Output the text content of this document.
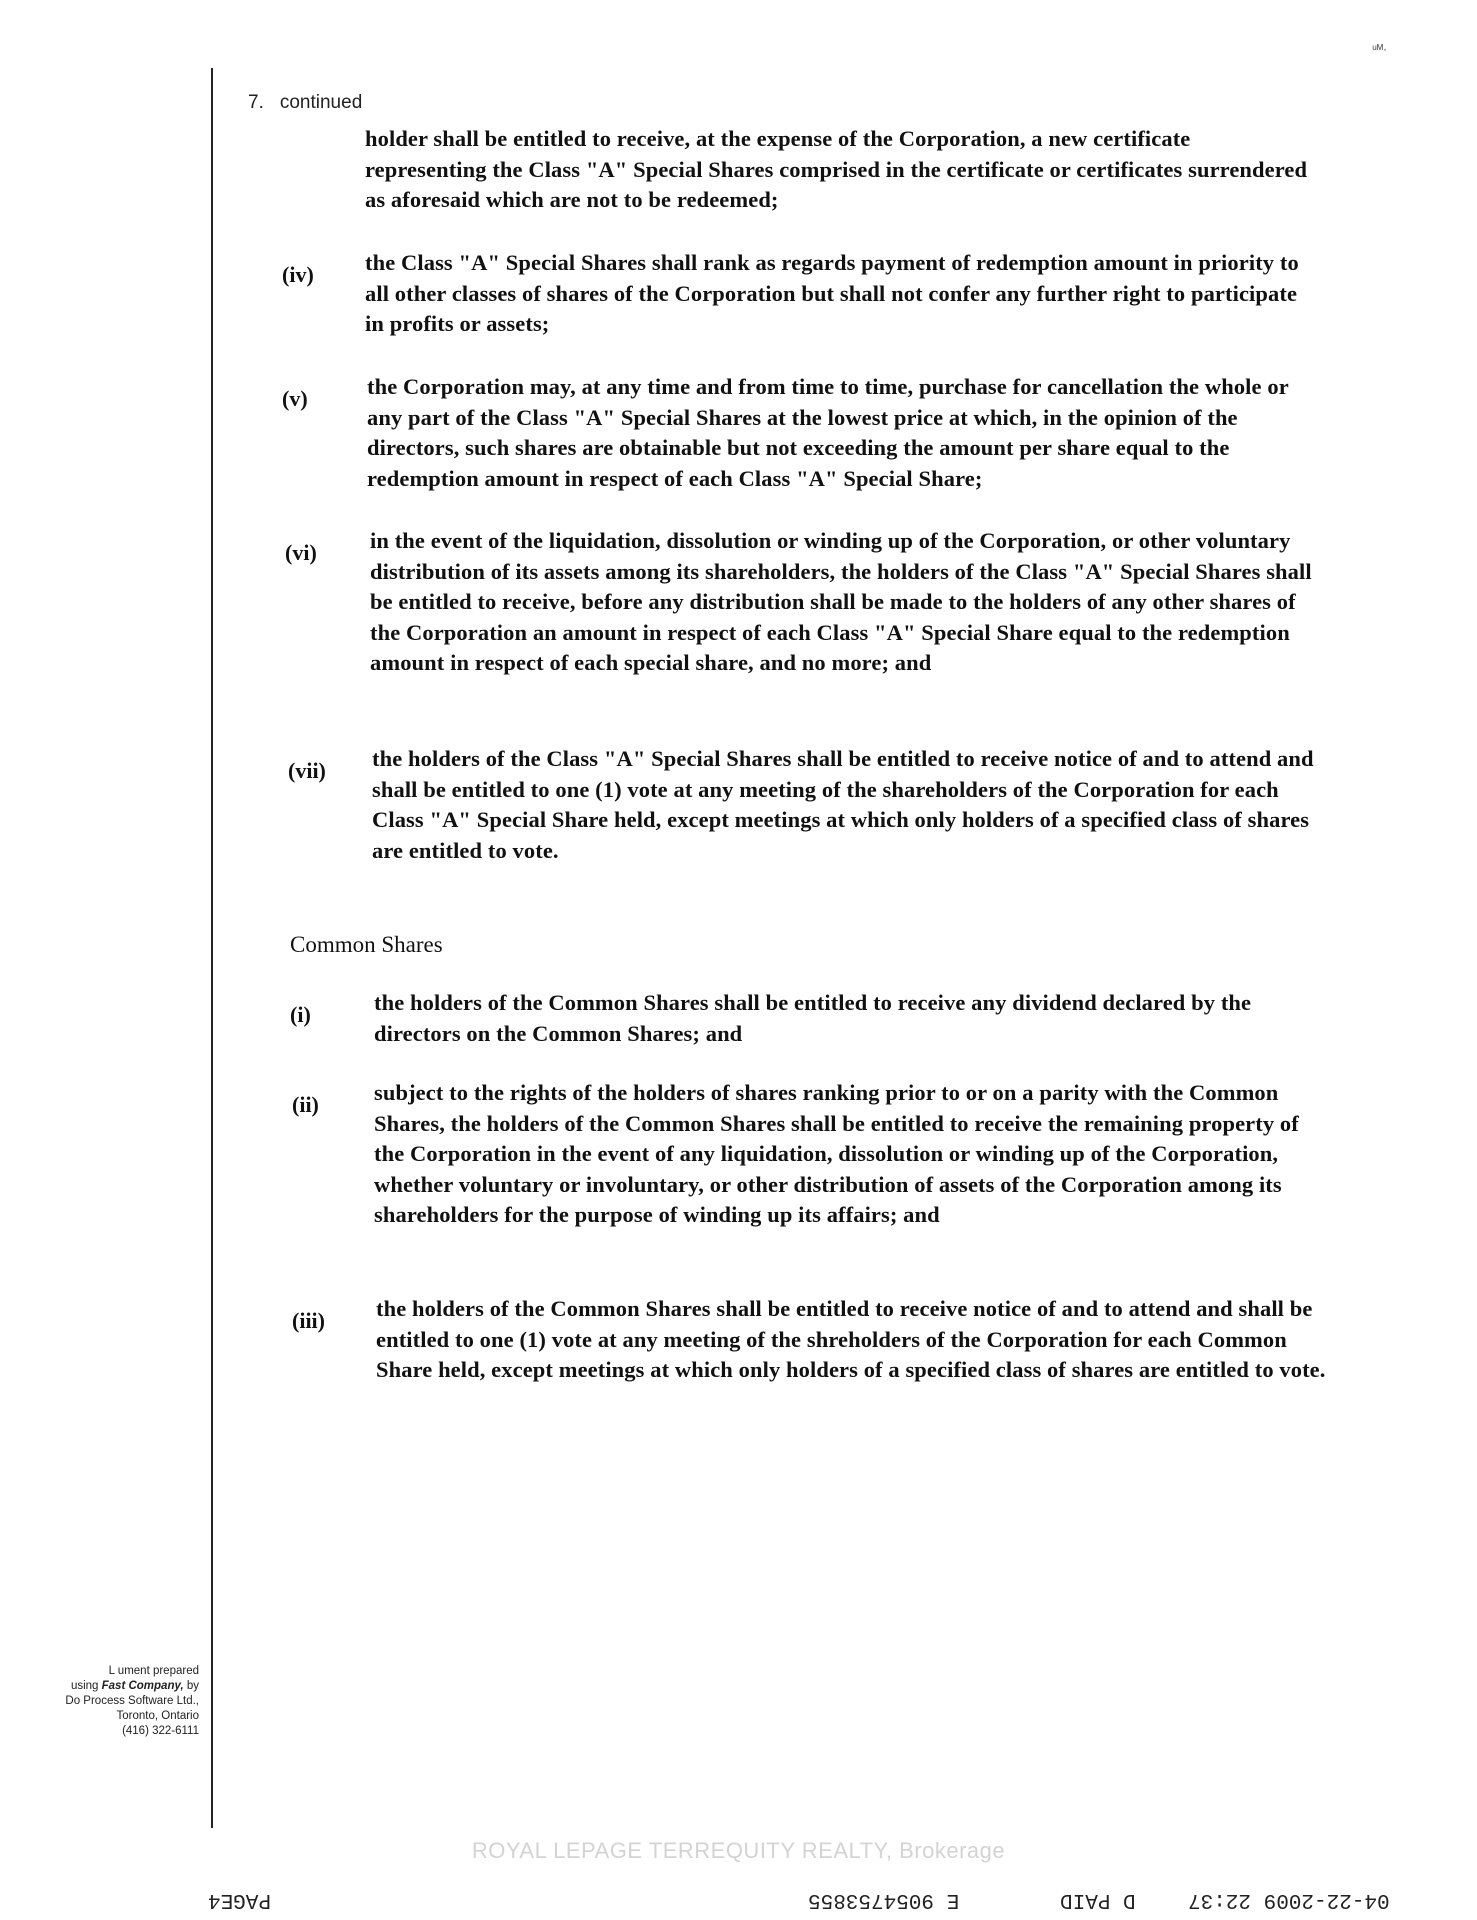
ᵘᴹ·
7. continued
holder shall be entitled to receive, at the expense of the Corporation, a new certificate representing the Class "A" Special Shares comprised in the certificate or certificates surrendered as aforesaid which are not to be redeemed;
(iv) the Class "A" Special Shares shall rank as regards payment of redemption amount in priority to all other classes of shares of the Corporation but shall not confer any further right to participate in profits or assets;
(v)	the Corporation may, at any time and from time to time, purchase for cancellation the whole or any part of the Class "A" Special Shares at the lowest price at which, in the opinion of the directors, such shares are obtainable but not exceeding the amount per share equal to the redemption amount in respect of each Class "A" Special Share;
(vi) in the event of the liquidation, dissolution or winding up of the Corporation, or other voluntary distribution of its assets among its shareholders, the holders of the Class "A" Special Shares shall be entitled to receive, before any distribution shall be made to the holders of any other shares of the Corporation an amount in respect of each Class "A" Special Share equal to the redemption amount in respect of each special share, and no more; and
(vii) the holders of the Class "A" Special Shares shall be entitled to receive notice of and to attend and shall be entitled to one (1) vote at any meeting of the shareholders of the Corporation for each Class "A" Special Share held, except meetings at which only holders of a specified class of shares are entitled to vote.
Common Shares
(i)	the holders of the Common Shares shall be entitled to receive any dividend declared by the directors on the Common Shares; and
(ii) subject to the rights of the holders of shares ranking prior to or on a parity with the Common Shares, the holders of the Common Shares shall be entitled to receive the remaining property of the Corporation in the event of any liquidation, dissolution or winding up of the Corporation, whether voluntary or involuntary, or other distribution of assets of the Corporation among its shareholders for the purpose of winding up its affairs; and
(iii) the holders of the Common Shares shall be entitled to receive notice of and to attend and shall be entitled to one (1) vote at any meeting of the shreholders of the Corporation for each Common Share held, except meetings at which only holders of a specified class of shares are entitled to vote.
L ument prepared
using Fast Company, by
Do Process Software Ltd.,
Toronto, Ontario
(416) 322-6111
ROYAL LEPAGE TERREQUITY REALTY, Brokerage
PAGE4	E 9054753855	D PAID 04-22-2009 22:37
